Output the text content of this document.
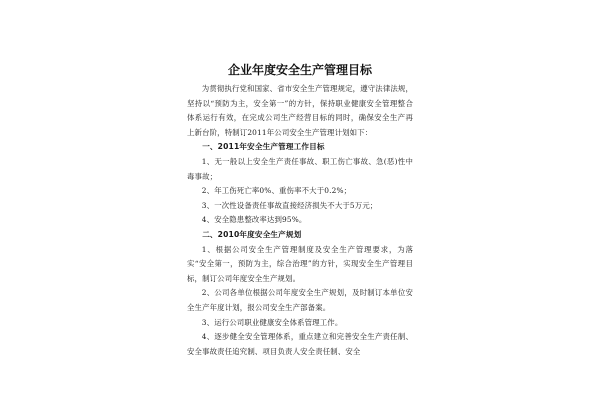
企业年度安全生产管理目标

为贯彻执行党和国家、省市安全生产管理规定，遵守法律法规，坚持以“预防为主，安全第一”的方针，保持职业健康安全管理整合体系运行有效，在完成公司生产经营目标的同时，确保安全生产再上新台阶，特制订2011年公司安全生产管理计划如下：

一、2011年安全生产管理工作目标

1、无一般以上安全生产责任事故、职工伤亡事故、急(恶)性中毒事故；

2、年工伤死亡率0%、重伤率不大于0.2%；

3、一次性设备责任事故直接经济损失不大于5万元；

4、安全隐患整改率达到95%。

二、2010年度安全生产规划

1、根据公司安全生产管理制度及安全生产管理要求，为落实“安全第一，预防为主，综合治理”的方针，实现安全生产管理目标，制订公司年度安全生产规划。

2、公司各单位根据公司年度安全生产规划，及时制订本单位安全生产年度计划，报公司安全生产部备案。

3、运行公司职业健康安全体系管理工作。

4、逐步健全安全管理体系，重点建立和完善安全生产责任制、安全事故责任追究制、项目负责人安全责任制、安全
